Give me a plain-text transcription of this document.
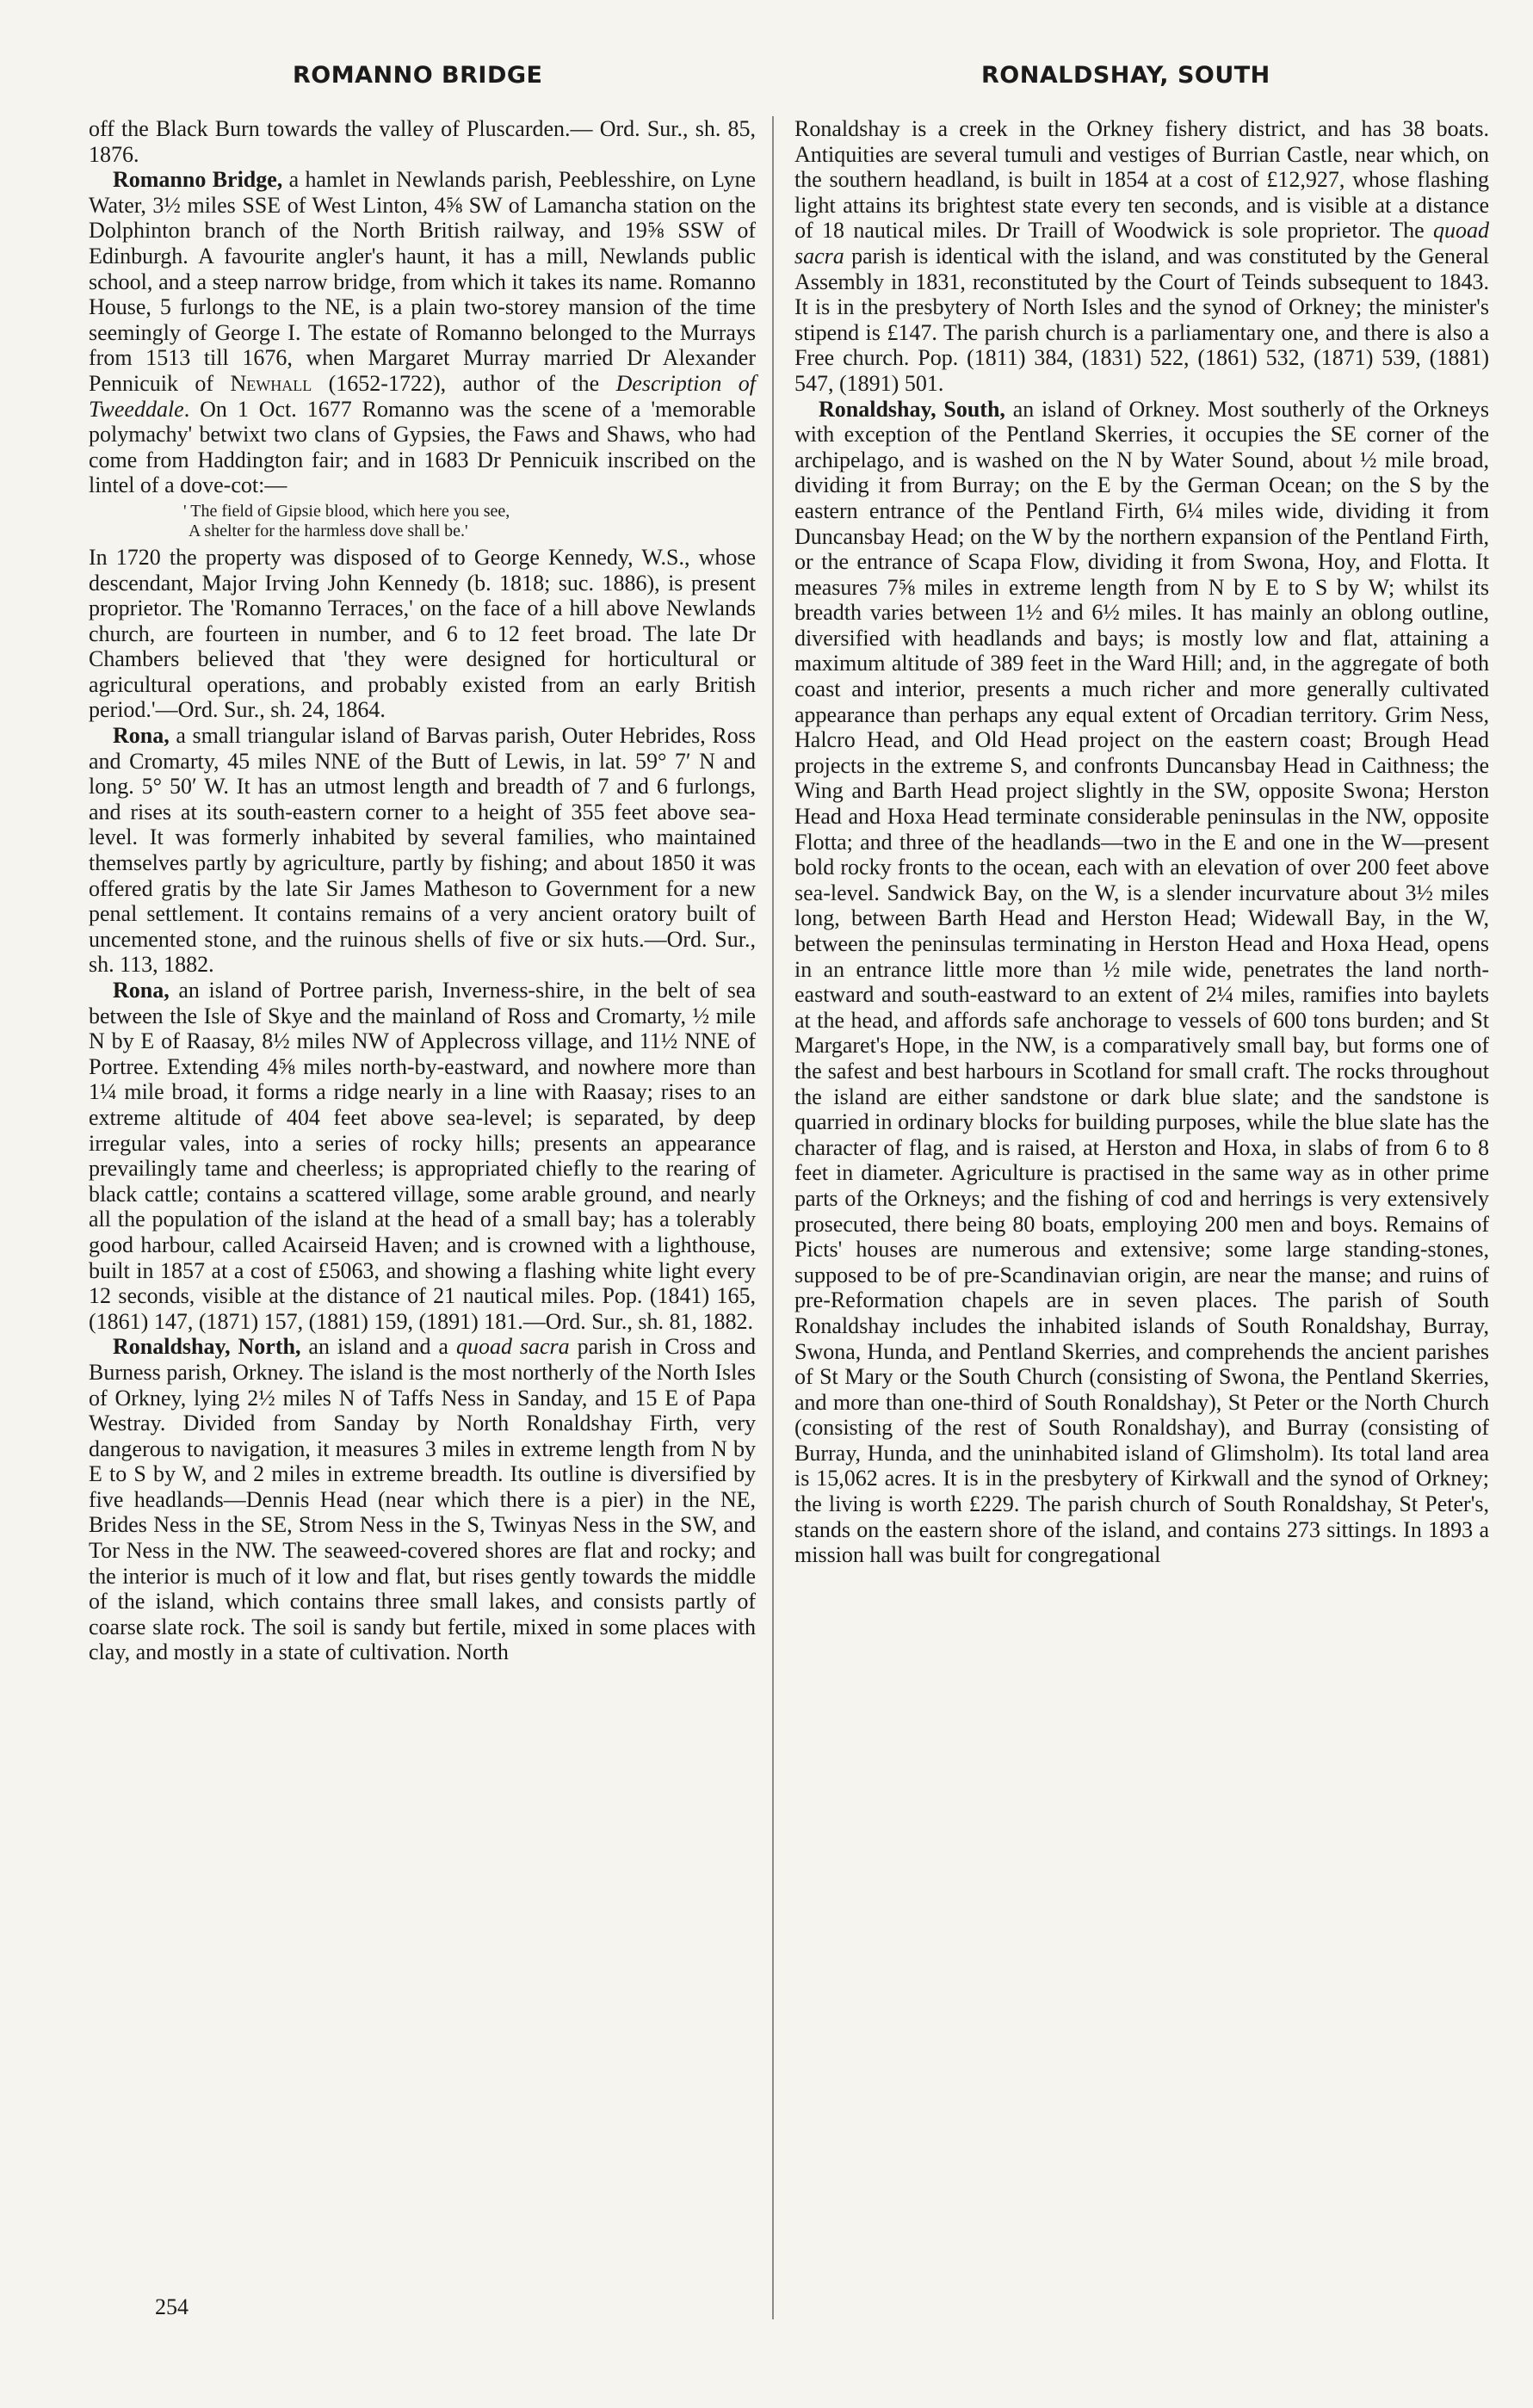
ROMANNO BRIDGE	RONALDSHAY, SOUTH

off the Black Burn towards the valley of Pluscarden.— Ord. Sur., sh. 85, 1876.

Romanno Bridge, a hamlet in Newlands parish, Peeblesshire, on Lyne Water, 3½ miles SSE of West Linton, 4⅝ SW of Lamancha station on the Dolphinton branch of the North British railway, and 19⅝ SSW of Edinburgh. A favourite angler's haunt, it has a mill, Newlands public school, and a steep narrow bridge, from which it takes its name. Romanno House, 5 furlongs to the NE, is a plain two-storey mansion of the time seemingly of George I. The estate of Romanno belonged to the Murrays from 1513 till 1676, when Margaret Murray married Dr Alexander Pennicuik of Newhall (1652-1722), author of the Description of Tweeddale. On 1 Oct. 1677 Romanno was the scene of a 'memorable polymachy' betwixt two clans of Gypsies, the Faws and Shaws, who had come from Haddington fair; and in 1683 Dr Pennicuik inscribed on the lintel of a dove-cot:—

' The field of Gipsie blood, which here you see,
A shelter for the harmless dove shall be.'

In 1720 the property was disposed of to George Kennedy, W.S., whose descendant, Major Irving John Kennedy (b. 1818; suc. 1886), is present proprietor. The 'Romanno Terraces,' on the face of a hill above Newlands church, are fourteen in number, and 6 to 12 feet broad. The late Dr Chambers believed that 'they were designed for horticultural or agricultural operations, and probably existed from an early British period.'—Ord. Sur., sh. 24, 1864.

Rona, a small triangular island of Barvas parish, Outer Hebrides, Ross and Cromarty, 45 miles NNE of the Butt of Lewis, in lat. 59° 7′ N and long. 5° 50′ W. It has an utmost length and breadth of 7 and 6 furlongs, and rises at its south-eastern corner to a height of 355 feet above sea-level. It was formerly inhabited by several families, who maintained themselves partly by agriculture, partly by fishing; and about 1850 it was offered gratis by the late Sir James Matheson to Government for a new penal settlement. It contains remains of a very ancient oratory built of uncemented stone, and the ruinous shells of five or six huts.—Ord. Sur., sh. 113, 1882.

Rona, an island of Portree parish, Inverness-shire, in the belt of sea between the Isle of Skye and the mainland of Ross and Cromarty, ½ mile N by E of Raasay, 8½ miles NW of Applecross village, and 11½ NNE of Portree. Extending 4⅝ miles north-by-eastward, and nowhere more than 1¼ mile broad, it forms a ridge nearly in a line with Raasay; rises to an extreme altitude of 404 feet above sea-level; is separated, by deep irregular vales, into a series of rocky hills; presents an appearance prevailingly tame and cheerless; is appropriated chiefly to the rearing of black cattle; contains a scattered village, some arable ground, and nearly all the population of the island at the head of a small bay; has a tolerably good harbour, called Acairseid Haven; and is crowned with a lighthouse, built in 1857 at a cost of £5063, and showing a flashing white light every 12 seconds, visible at the distance of 21 nautical miles. Pop. (1841) 165, (1861) 147, (1871) 157, (1881) 159, (1891) 181.—Ord. Sur., sh. 81, 1882.

Ronaldshay, North, an island and a quoad sacra parish in Cross and Burness parish, Orkney. The island is the most northerly of the North Isles of Orkney, lying 2½ miles N of Taffs Ness in Sanday, and 15 E of Papa Westray. Divided from Sanday by North Ronaldshay Firth, very dangerous to navigation, it measures 3 miles in extreme length from N by E to S by W, and 2 miles in extreme breadth. Its outline is diversified by five headlands—Dennis Head (near which there is a pier) in the NE, Brides Ness in the SE, Strom Ness in the S, Twinyas Ness in the SW, and Tor Ness in the NW. The seaweed-covered shores are flat and rocky; and the interior is much of it low and flat, but rises gently towards the middle of the island, which contains three small lakes, and consists partly of coarse slate rock. The soil is sandy but fertile, mixed in some places with clay, and mostly in a state of cultivation. North

Ronaldshay is a creek in the Orkney fishery district, and has 38 boats. Antiquities are several tumuli and vestiges of Burrian Castle, near which, on the southern headland, is built in 1854 at a cost of £12,927, whose flashing light attains its brightest state every ten seconds, and is visible at a distance of 18 nautical miles. Dr Traill of Woodwick is sole proprietor. The quoad sacra parish is identical with the island, and was constituted by the General Assembly in 1831, reconstituted by the Court of Teinds subsequent to 1843. It is in the presbytery of North Isles and the synod of Orkney; the minister's stipend is £147. The parish church is a parliamentary one, and there is also a Free church. Pop. (1811) 384, (1831) 522, (1861) 532, (1871) 539, (1881) 547, (1891) 501.

Ronaldshay, South, an island of Orkney. Most southerly of the Orkneys with exception of the Pentland Skerries, it occupies the SE corner of the archipelago, and is washed on the N by Water Sound, about ½ mile broad, dividing it from Burray; on the E by the German Ocean; on the S by the eastern entrance of the Pentland Firth, 6¼ miles wide, dividing it from Duncansbay Head; on the W by the northern expansion of the Pentland Firth, or the entrance of Scapa Flow, dividing it from Swona, Hoy, and Flotta. It measures 7⅝ miles in extreme length from N by E to S by W; whilst its breadth varies between 1½ and 6½ miles. It has mainly an oblong outline, diversified with headlands and bays; is mostly low and flat, attaining a maximum altitude of 389 feet in the Ward Hill; and, in the aggregate of both coast and interior, presents a much richer and more generally cultivated appearance than perhaps any equal extent of Orcadian territory. Grim Ness, Halcro Head, and Old Head project on the eastern coast; Brough Head projects in the extreme S, and confronts Duncansbay Head in Caithness; the Wing and Barth Head project slightly in the SW, opposite Swona; Herston Head and Hoxa Head terminate considerable peninsulas in the NW, opposite Flotta; and three of the headlands—two in the E and one in the W—present bold rocky fronts to the ocean, each with an elevation of over 200 feet above sea-level. Sandwick Bay, on the W, is a slender incurvature about 3½ miles long, between Barth Head and Herston Head; Widewall Bay, in the W, between the peninsulas terminating in Herston Head and Hoxa Head, opens in an entrance little more than ½ mile wide, penetrates the land north-eastward and south-eastward to an extent of 2¼ miles, ramifies into baylets at the head, and affords safe anchorage to vessels of 600 tons burden; and St Margaret's Hope, in the NW, is a comparatively small bay, but forms one of the safest and best harbours in Scotland for small craft. The rocks throughout the island are either sandstone or dark blue slate; and the sandstone is quarried in ordinary blocks for building purposes, while the blue slate has the character of flag, and is raised, at Herston and Hoxa, in slabs of from 6 to 8 feet in diameter. Agriculture is practised in the same way as in other prime parts of the Orkneys; and the fishing of cod and herrings is very extensively prosecuted, there being 80 boats, employing 200 men and boys. Remains of Picts' houses are numerous and extensive; some large standing-stones, supposed to be of pre-Scandinavian origin, are near the manse; and ruins of pre-Reformation chapels are in seven places. The parish of South Ronaldshay includes the inhabited islands of South Ronaldshay, Burray, Swona, Hunda, and Pentland Skerries, and comprehends the ancient parishes of St Mary or the South Church (consisting of Swona, the Pentland Skerries, and more than one-third of South Ronaldshay), St Peter or the North Church (consisting of the rest of South Ronaldshay), and Burray (consisting of Burray, Hunda, and the uninhabited island of Glimsholm). Its total land area is 15,062 acres. It is in the presbytery of Kirkwall and the synod of Orkney; the living is worth £229. The parish church of South Ronaldshay, St Peter's, stands on the eastern shore of the island, and contains 273 sittings. In 1893 a mission hall was built for congregational

254
